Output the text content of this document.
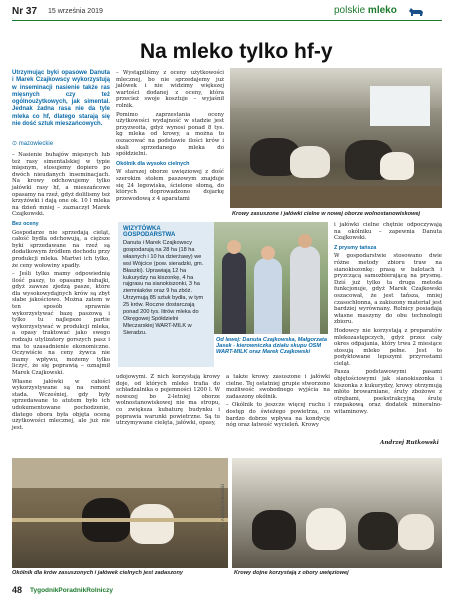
Nr 37 15 września 2019	polskie mleko
Na mleko tylko hf-y
Utrzymując byki opasowe Danuta i Marek Czajkowscy wykorzystują w inseminacji nasienie także ras mięsnych czy też ogólnoużytkowych, jak simental. Jednak żadna rasa nie da tyle mleka co hf, dlatego starają się nie dość sztuk mieszańcowych.
⊙ mazowieckie

– Nasienie buhajów mięsnych lub też rasy simentalskiej w typie mięsnym, stosujemy dopiero po dwóch nieudanych inseminacjach. Na krowy odchowujemy tylko jałówki rasy hf, a mieszańcowe opasamy na rzeź, gdyż dolilismy też krzyżówki i dają one ok. 10 l mleka na dzień mniej – zaznaczył Marek Czajkowski.

Bez oceny

Gospodarze nie sprzedają cieląt, całość bydła odchowują, a cięższe byki sprzedawane na rzeź są dodatkowym źródłem dochodu przy produkcji mleka. Martwi ich tylko, że ceny wołowiny spadły.

– Jeśli tylko mamy odpowiednią ilość paszy, to opasamy buhajki, gdyż zawsze zjedzą pasze, które dla wysokowydajnych krów są zbyt słabe jakościowo. Można zatem w ten sposób sprawnie wykorzystywać bazę paszową i tylko tu najlepsze partie wykorzystywać w produkcji mleka, a opasy traktować jako swego rodzaju utylizatory gorszych pasz i ma to uzasadnienie ekonomiczne. Oczywiście na ceny żywca nie mamy wpływu, możemy tylko liczyć, że się poprawią – oznajmił Marek Czajkowski.

Własne jałówki w całości wykorzystywane są na remont stada. Wcześniej, gdy były sprzedawane to atutem było ich udokumentowane pochodzenie, dlatego obora była objęta oceną użytkowości mlecznej, ale już nie jest.

– Wystąpiliśmy z oceny użytkowości mlecznej, bo nie sprzedajemy już jałówek i nie widzimy większej wartości dodanej z oceny, która przecież swoje kosztuje – wyjaśnił rolnik.

Pomimo zaprzestania oceny użytkowości wydajność w stadzie jest przyzwoita, gdyż wynosi ponad 8 tys. kg mleka od krowy, a można to oszacować na podstawie ilości krów i skali sprzedanego mleka do spółdzielni.

Okólnik dla wysoko cielnych

W starszej oborze uwięziowej z dość szerokim stołem paszowym znajduje się 24 legowiska, ścielone słomą, do których doprowadzono dojarkę przewodową z 4 aparatami

Krowy zasuszone i jałówki cielne w nowej oborze wolnostanowiskowej
WIZYTÓWKA
GOSPODARSTWA
Danuta i Marek Czajkowscy gospodarują na 28 ha (18 ha własnych i 10 ha dzierżawy) we wsi Wójcice (pow. sieradzki, gm. Błaszki). Uprawiają 12 ha kukurydzy na kiszonkę, 4 ha rajgrasu na sianokiszonki, 3 ha ziemniaków oraz 9 ha zbóż. Utrzymują 85 sztuk bydła, w tym 25 krów. Roczne dostarczają ponad 200 tys. litrów mleka do Okręgowej Spółdzielni Mleczarskiej WART-MILK w Sieradzu.
Od lewej: Danuta Czajkowska, Małgorzata Jasek - kierowniczka działu skupu OSM WART-MILK oraz Marek Czajkowski

i jałówki cielne chętnie odpoczywają na okólniku – zapewnia Danuta Czajkowski.

Z prysmy tańsza

W gospodarstwie stosowano dwie różne metody zbioru traw na sianokiszonkę: prasą w balotach i pryzczącą samozbierającą na prysmę. Dziś już tylko ta druga metoda funkcjonuje, gdyż Marek Czajkowski oszacował, że jest tańsza, mniej czasochłonna, a zakiszony materiał jest bardziej wyrównany. Rolnicy posiadają własne maszyny do obu technologii zbioru.

Hodowcy nie korzystają z preparatów mlekozastępczych, gdyż przez cały okres odpajania, który trwa 2 miesiące stosują mleko pełne. Jest to podyktowane lepszymi przyrostami cieląt.

Pasza podstawowymi pasami objętościowymi jak sianokiszonka i kiszonka z kukurydzy, krowy otrzymują młóto browarniane, śruty zbożowe z otrębami, poekstrakcyjną śrutę rzepakową oraz dodatek mineralno-witaminowy.

Andrzej Rutkowski
udojowymi. Z nich korzystają krowy doje, od których mleko trafia do schładzalnika o pojemności 1200 l. W nowszej bo 2-letniej oborze wolnostanowiskowej nie ma stropu, co zwiększa kubaturę budynku i poprawia warunki powietrzne. Są tu utrzymywane cielęta, jałówki, opasy,

a także krowy zasuszone i jałówki cielne. Tej ostatniej grupie stworzono możliwość swobodnego wyjścia na zadaszony okólnik.

– Okólnik to jeszcze więcej ruchu i dostęp do świeżego powietrza, co bardzo dobrze wpływa na kondycję nóg oraz łatwość wycieleń. Krowy

Fot. Andrzej Rutkowski
Okólnik dla krów zasuszonych i jałówek cielnych jest zadaszony	Krowy dojne korzystają z obory uwięziowej
48 TygodnikPoradnikRolniczy
